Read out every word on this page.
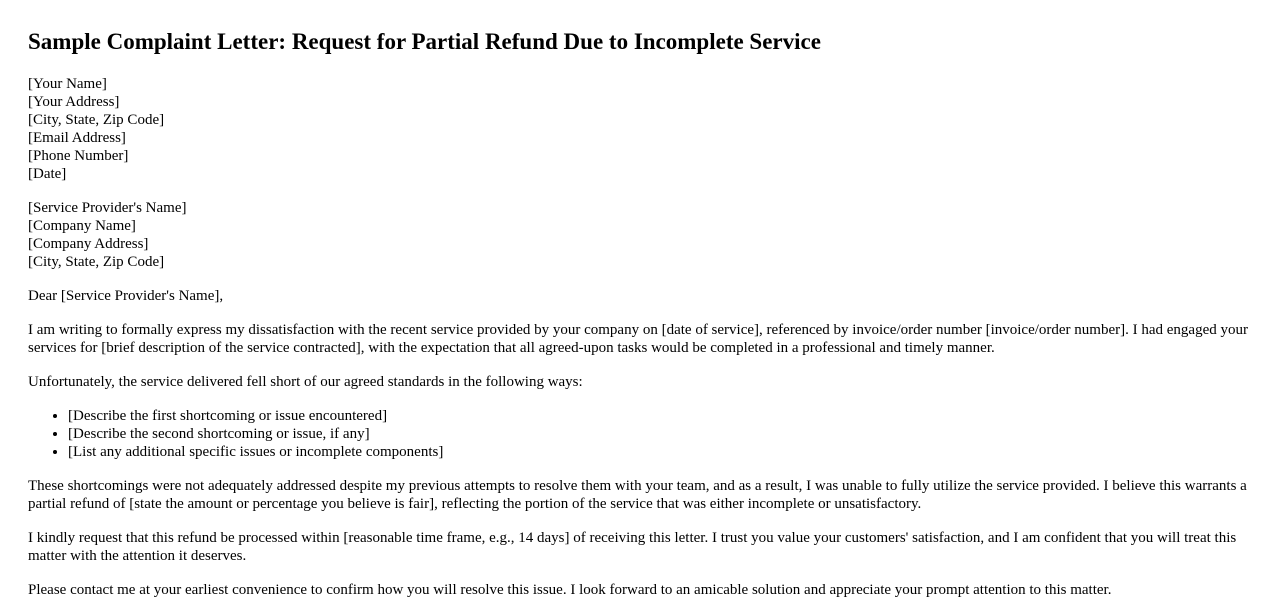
Sample Complaint Letter: Request for Partial Refund Due to Incomplete Service
[Your Name]
[Your Address]
[City, State, Zip Code]
[Email Address]
[Phone Number]
[Date]
[Service Provider's Name]
[Company Name]
[Company Address]
[City, State, Zip Code]

Dear [Service Provider's Name],

I am writing to formally express my dissatisfaction with the recent service provided by your company on [date of service], referenced by invoice/order number [invoice/order number]. I had engaged your services for [brief description of the service contracted], with the expectation that all agreed-upon tasks would be completed in a professional and timely manner.

Unfortunately, the service delivered fell short of our agreed standards in the following ways:

• [Describe the first shortcoming or issue encountered]
• [Describe the second shortcoming or issue, if any]
• [List any additional specific issues or incomplete components]

These shortcomings were not adequately addressed despite my previous attempts to resolve them with your team, and as a result, I was unable to fully utilize the service provided. I believe this warrants a partial refund of [state the amount or percentage you believe is fair], reflecting the portion of the service that was either incomplete or unsatisfactory.

I kindly request that this refund be processed within [reasonable time frame, e.g., 14 days] of receiving this letter. I trust you value your customers' satisfaction, and I am confident that you will treat this matter with the attention it deserves.

Please contact me at your earliest convenience to confirm how you will resolve this issue. I look forward to an amicable solution and appreciate your prompt attention to this matter.
